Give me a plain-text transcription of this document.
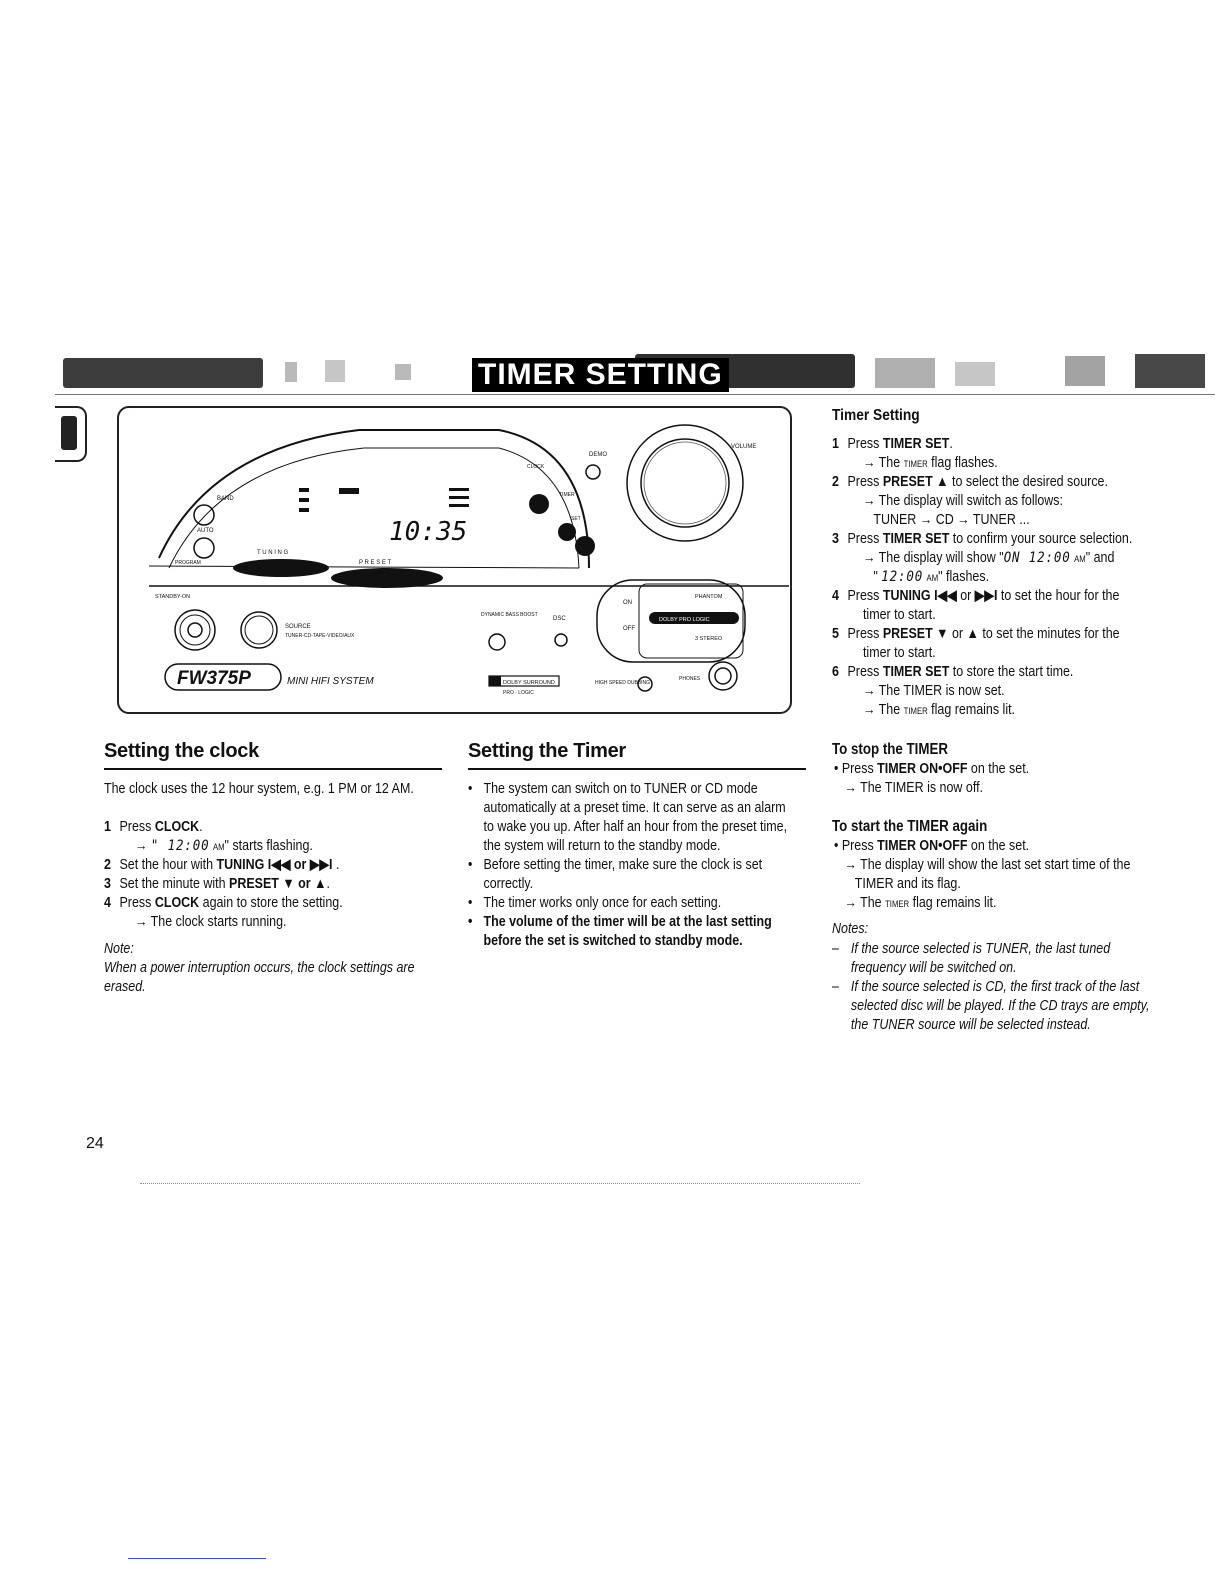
TIMER SETTING
VOLUME
DEMO
CLOCK
TIMER
SET
10:35
BAND
AUTO
PROGRAM
T U N I N G
P R E S E T
STANDBY-ON
SOURCE
TUNER-CD-TAPE-VIDEO/AUX
DYNAMIC BASS BOOST
DSC	DOLBY PRO LOGIC
PHANTOM
3 STEREO
ON
OFF
FW375P	MINI HIFI SYSTEM	DOLBY SURROUND
PRO · LOGIC
HIGH SPEED DUBBING
PHONES
Setting the clock
The clock uses the 12 hour system, e.g. 1 PM or 12 AM.
1 Press CLOCK.
→ " 12:00 AM" starts flashing.
2 Set the hour with TUNING I◀◀ or ▶▶I .
3 Set the minute with PRESET ▼ or ▲.
4 Press CLOCK again to store the setting.
→ The clock starts running.
Note:
When a power interruption occurs, the clock settings are
erased.
Setting the Timer
• The system can switch on to TUNER or CD mode
automatically at a preset time. It can serve as an alarm
to wake you up. After half an hour from the preset time,
the system will return to the standby mode.
• Before setting the timer, make sure the clock is set
correctly.
• The timer works only once for each setting.
• The volume of the timer will be at the last setting
before the set is switched to standby mode.
Timer Setting
1 Press TIMER SET.
→ The TIMER flag flashes.
2 Press PRESET ▲ to select the desired source.
→ The display will switch as follows:
TUNER → CD → TUNER ...
3 Press TIMER SET to confirm your source selection.
→ The display will show "ON 12:00 AM" and
" 12:00 AM" flashes.
4 Press TUNING I◀◀ or ▶▶I to set the hour for the
timer to start.
5 Press PRESET ▼ or ▲ to set the minutes for the
timer to start.
6 Press TIMER SET to store the start time.
→ The TIMER is now set.
→ The TIMER flag remains lit.
To stop the TIMER
• Press TIMER ON•OFF on the set.
→ The TIMER is now off.
To start the TIMER again
• Press TIMER ON•OFF on the set.
→ The display will show the last set start time of the
TIMER and its flag.
→ The TIMER flag remains lit.
Notes:
– If the source selected is TUNER, the last tuned
frequency will be switched on.
– If the source selected is CD, the first track of the last
selected disc will be played. If the CD trays are empty,
the TUNER source will be selected instead.
24
